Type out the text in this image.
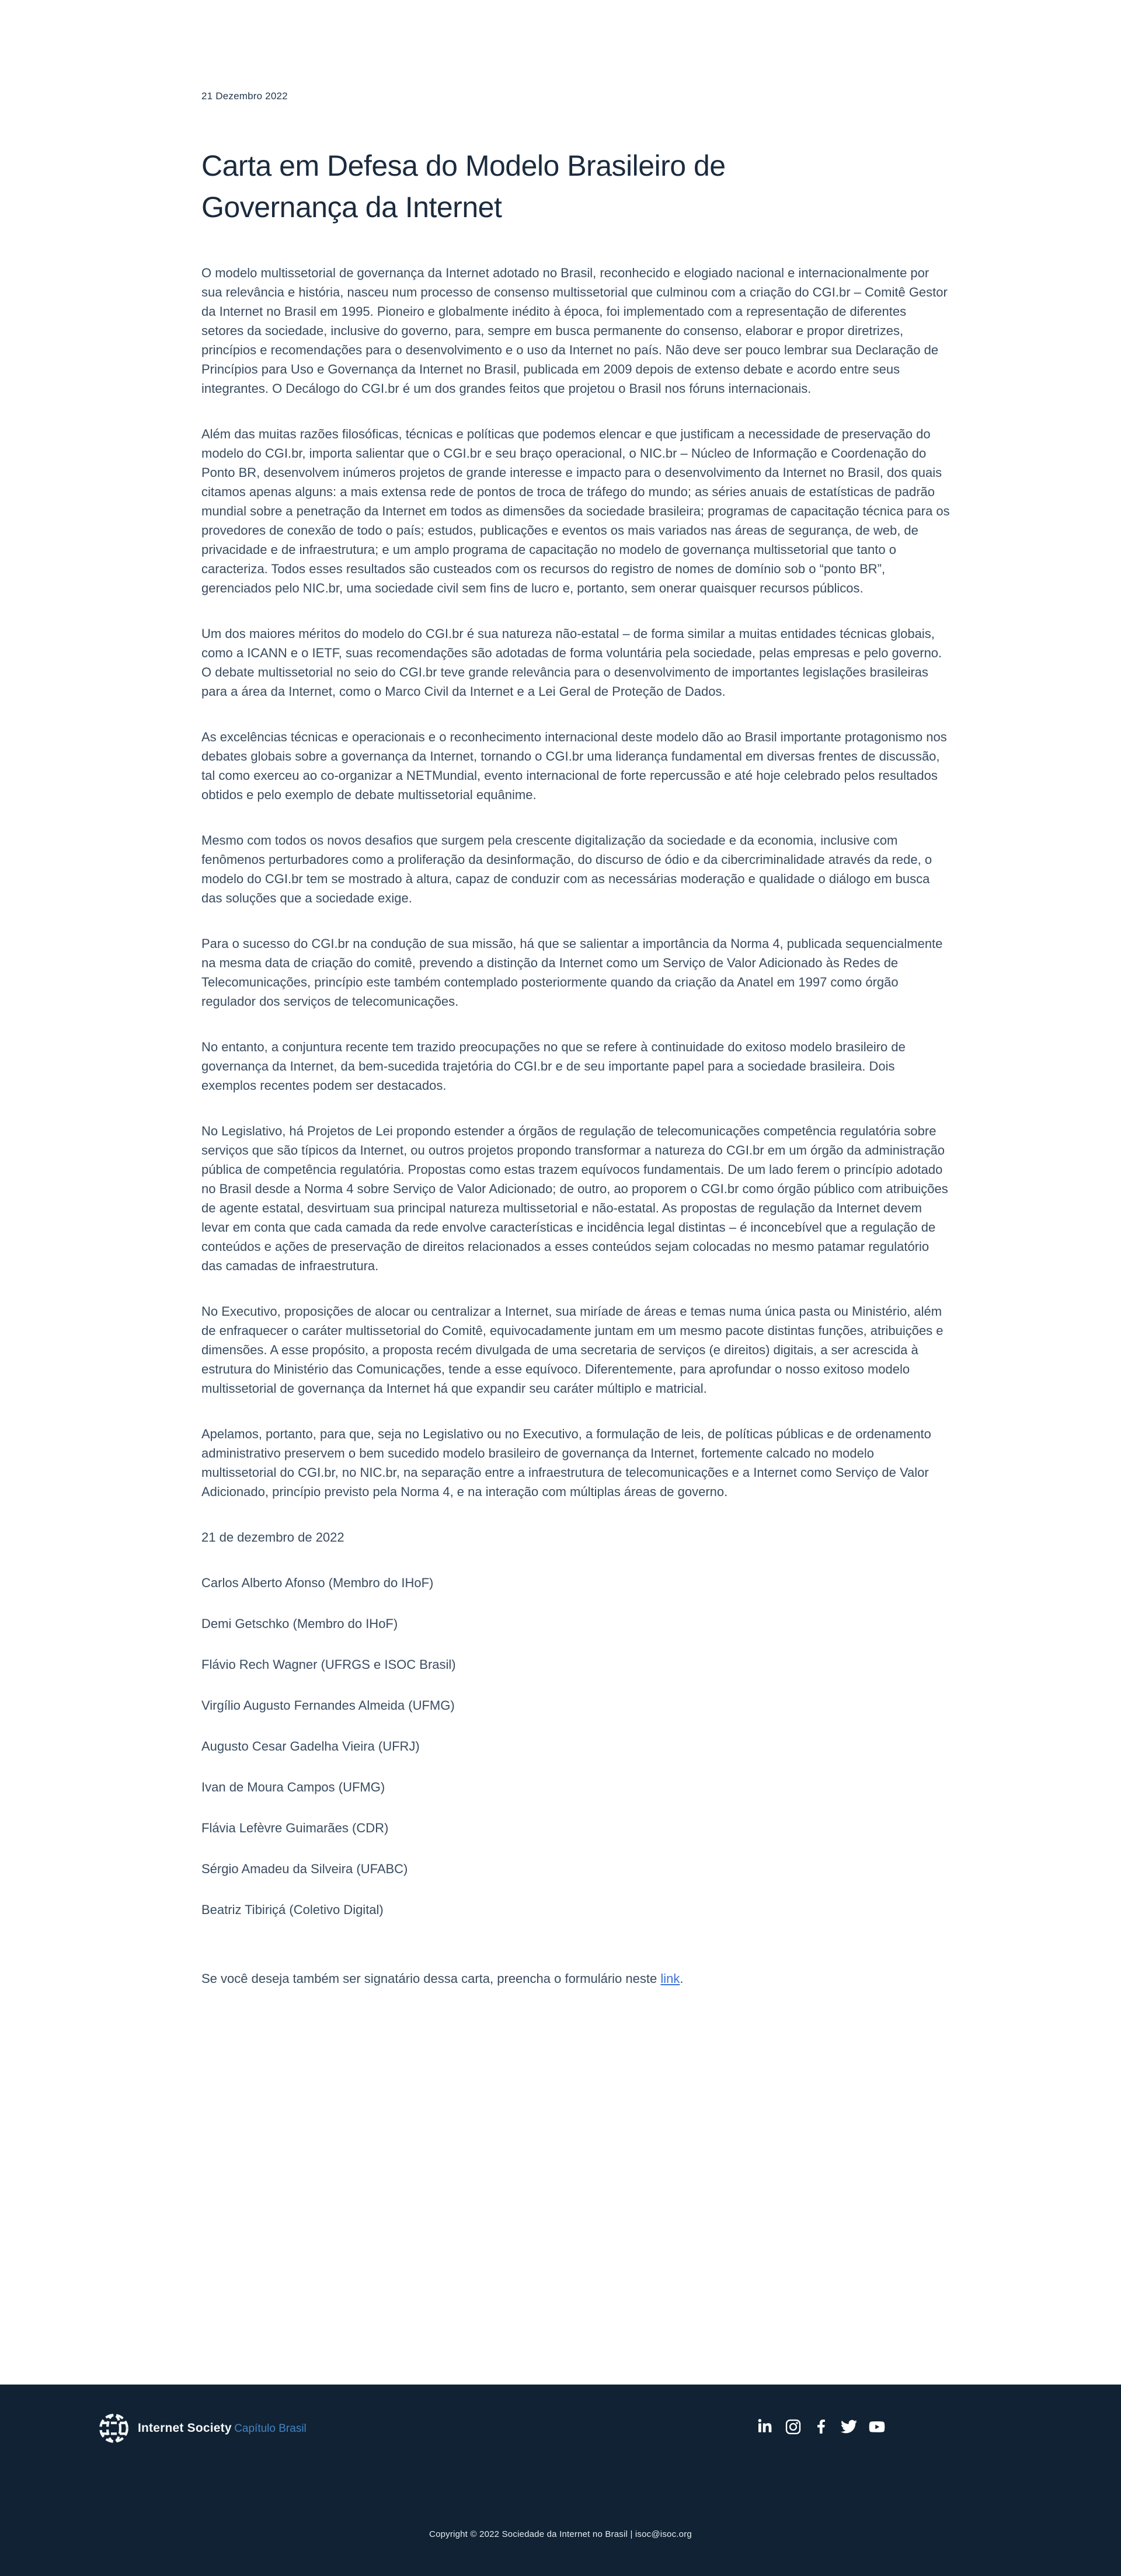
21 Dezembro 2022
Carta em Defesa do Modelo Brasileiro de
Governança da Internet

O modelo multissetorial de governança da Internet adotado no Brasil, reconhecido e elogiado nacional e internacionalmente por sua relevância e história, nasceu num processo de consenso multissetorial que culminou com a criação do CGI.br – Comitê Gestor da Internet no Brasil em 1995. Pioneiro e globalmente inédito à época, foi implementado com a representação de diferentes setores da sociedade, inclusive do governo, para, sempre em busca permanente do consenso, elaborar e propor diretrizes, princípios e recomendações para o desenvolvimento e o uso da Internet no país. Não deve ser pouco lembrar sua Declaração de Princípios para Uso e Governança da Internet no Brasil, publicada em 2009 depois de extenso debate e acordo entre seus integrantes. O Decálogo do CGI.br é um dos grandes feitos que projetou o Brasil nos fóruns internacionais.

Além das muitas razões filosóficas, técnicas e políticas que podemos elencar e que justificam a necessidade de preservação do modelo do CGI.br, importa salientar que o CGI.br e seu braço operacional, o NIC.br – Núcleo de Informação e Coordenação do Ponto BR, desenvolvem inúmeros projetos de grande interesse e impacto para o desenvolvimento da Internet no Brasil, dos quais citamos apenas alguns: a mais extensa rede de pontos de troca de tráfego do mundo; as séries anuais de estatísticas de padrão mundial sobre a penetração da Internet em todos as dimensões da sociedade brasileira; programas de capacitação técnica para os provedores de conexão de todo o país; estudos, publicações e eventos os mais variados nas áreas de segurança, de web, de privacidade e de infraestrutura; e um amplo programa de capacitação no modelo de governança multissetorial que tanto o caracteriza. Todos esses resultados são custeados com os recursos do registro de nomes de domínio sob o “ponto BR”, gerenciados pelo NIC.br, uma sociedade civil sem fins de lucro e, portanto, sem onerar quaisquer recursos públicos.

Um dos maiores méritos do modelo do CGI.br é sua natureza não-estatal – de forma similar a muitas entidades técnicas globais, como a ICANN e o IETF, suas recomendações são adotadas de forma voluntária pela sociedade, pelas empresas e pelo governo. O debate multissetorial no seio do CGI.br teve grande relevância para o desenvolvimento de importantes legislações brasileiras para a área da Internet, como o Marco Civil da Internet e a Lei Geral de Proteção de Dados.

As excelências técnicas e operacionais e o reconhecimento internacional deste modelo dão ao Brasil importante protagonismo nos debates globais sobre a governança da Internet, tornando o CGI.br uma liderança fundamental em diversas frentes de discussão, tal como exerceu ao co-organizar a NETMundial, evento internacional de forte repercussão e até hoje celebrado pelos resultados obtidos e pelo exemplo de debate multissetorial equânime.

Mesmo com todos os novos desafios que surgem pela crescente digitalização da sociedade e da economia, inclusive com fenômenos perturbadores como a proliferação da desinformação, do discurso de ódio e da cibercriminalidade através da rede, o modelo do CGI.br tem se mostrado à altura, capaz de conduzir com as necessárias moderação e qualidade o diálogo em busca das soluções que a sociedade exige.

Para o sucesso do CGI.br na condução de sua missão, há que se salientar a importância da Norma 4, publicada sequencialmente na mesma data de criação do comitê, prevendo a distinção da Internet como um Serviço de Valor Adicionado às Redes de Telecomunicações, princípio este também contemplado posteriormente quando da criação da Anatel em 1997 como órgão regulador dos serviços de telecomunicações.

No entanto, a conjuntura recente tem trazido preocupações no que se refere à continuidade do exitoso modelo brasileiro de governança da Internet, da bem-sucedida trajetória do CGI.br e de seu importante papel para a sociedade brasileira. Dois exemplos recentes podem ser destacados.

No Legislativo, há Projetos de Lei propondo estender a órgãos de regulação de telecomunicações competência regulatória sobre serviços que são típicos da Internet, ou outros projetos propondo transformar a natureza do CGI.br em um órgão da administração pública de competência regulatória. Propostas como estas trazem equívocos fundamentais. De um lado ferem o princípio adotado no Brasil desde a Norma 4 sobre Serviço de Valor Adicionado; de outro, ao proporem o CGI.br como órgão público com atribuições de agente estatal, desvirtuam sua principal natureza multissetorial e não-estatal. As propostas de regulação da Internet devem levar em conta que cada camada da rede envolve características e incidência legal distintas – é inconcebível que a regulação de conteúdos e ações de preservação de direitos relacionados a esses conteúdos sejam colocadas no mesmo patamar regulatório das camadas de infraestrutura.

No Executivo, proposições de alocar ou centralizar a Internet, sua miríade de áreas e temas numa única pasta ou Ministério, além de enfraquecer o caráter multissetorial do Comitê, equivocadamente juntam em um mesmo pacote distintas funções, atribuições e dimensões. A esse propósito, a proposta recém divulgada de uma secretaria de serviços (e direitos) digitais, a ser acrescida à estrutura do Ministério das Comunicações, tende a esse equívoco. Diferentemente, para aprofundar o nosso exitoso modelo multissetorial de governança da Internet há que expandir seu caráter múltiplo e matricial.

Apelamos, portanto, para que, seja no Legislativo ou no Executivo, a formulação de leis, de políticas públicas e de ordenamento administrativo preservem o bem sucedido modelo brasileiro de governança da Internet, fortemente calcado no modelo multissetorial do CGI.br, no NIC.br, na separação entre a infraestrutura de telecomunicações e a Internet como Serviço de Valor Adicionado, princípio previsto pela Norma 4, e na interação com múltiplas áreas de governo.

21 de dezembro de 2022

Carlos Alberto Afonso (Membro do IHoF)

Demi Getschko (Membro do IHoF)

Flávio Rech Wagner (UFRGS e ISOC Brasil)

Virgílio Augusto Fernandes Almeida (UFMG)

Augusto Cesar Gadelha Vieira (UFRJ)

Ivan de Moura Campos (UFMG)

Flávia Lefèvre Guimarães (CDR)

Sérgio Amadeu da Silveira (UFABC)

Beatriz Tibiriçá (Coletivo Digital)

Se você deseja também ser signatário dessa carta, preencha o formulário neste link.

Internet Society Capítulo Brasil
Copyright © 2022 Sociedade da Internet no Brasil | isoc@isoc.org
